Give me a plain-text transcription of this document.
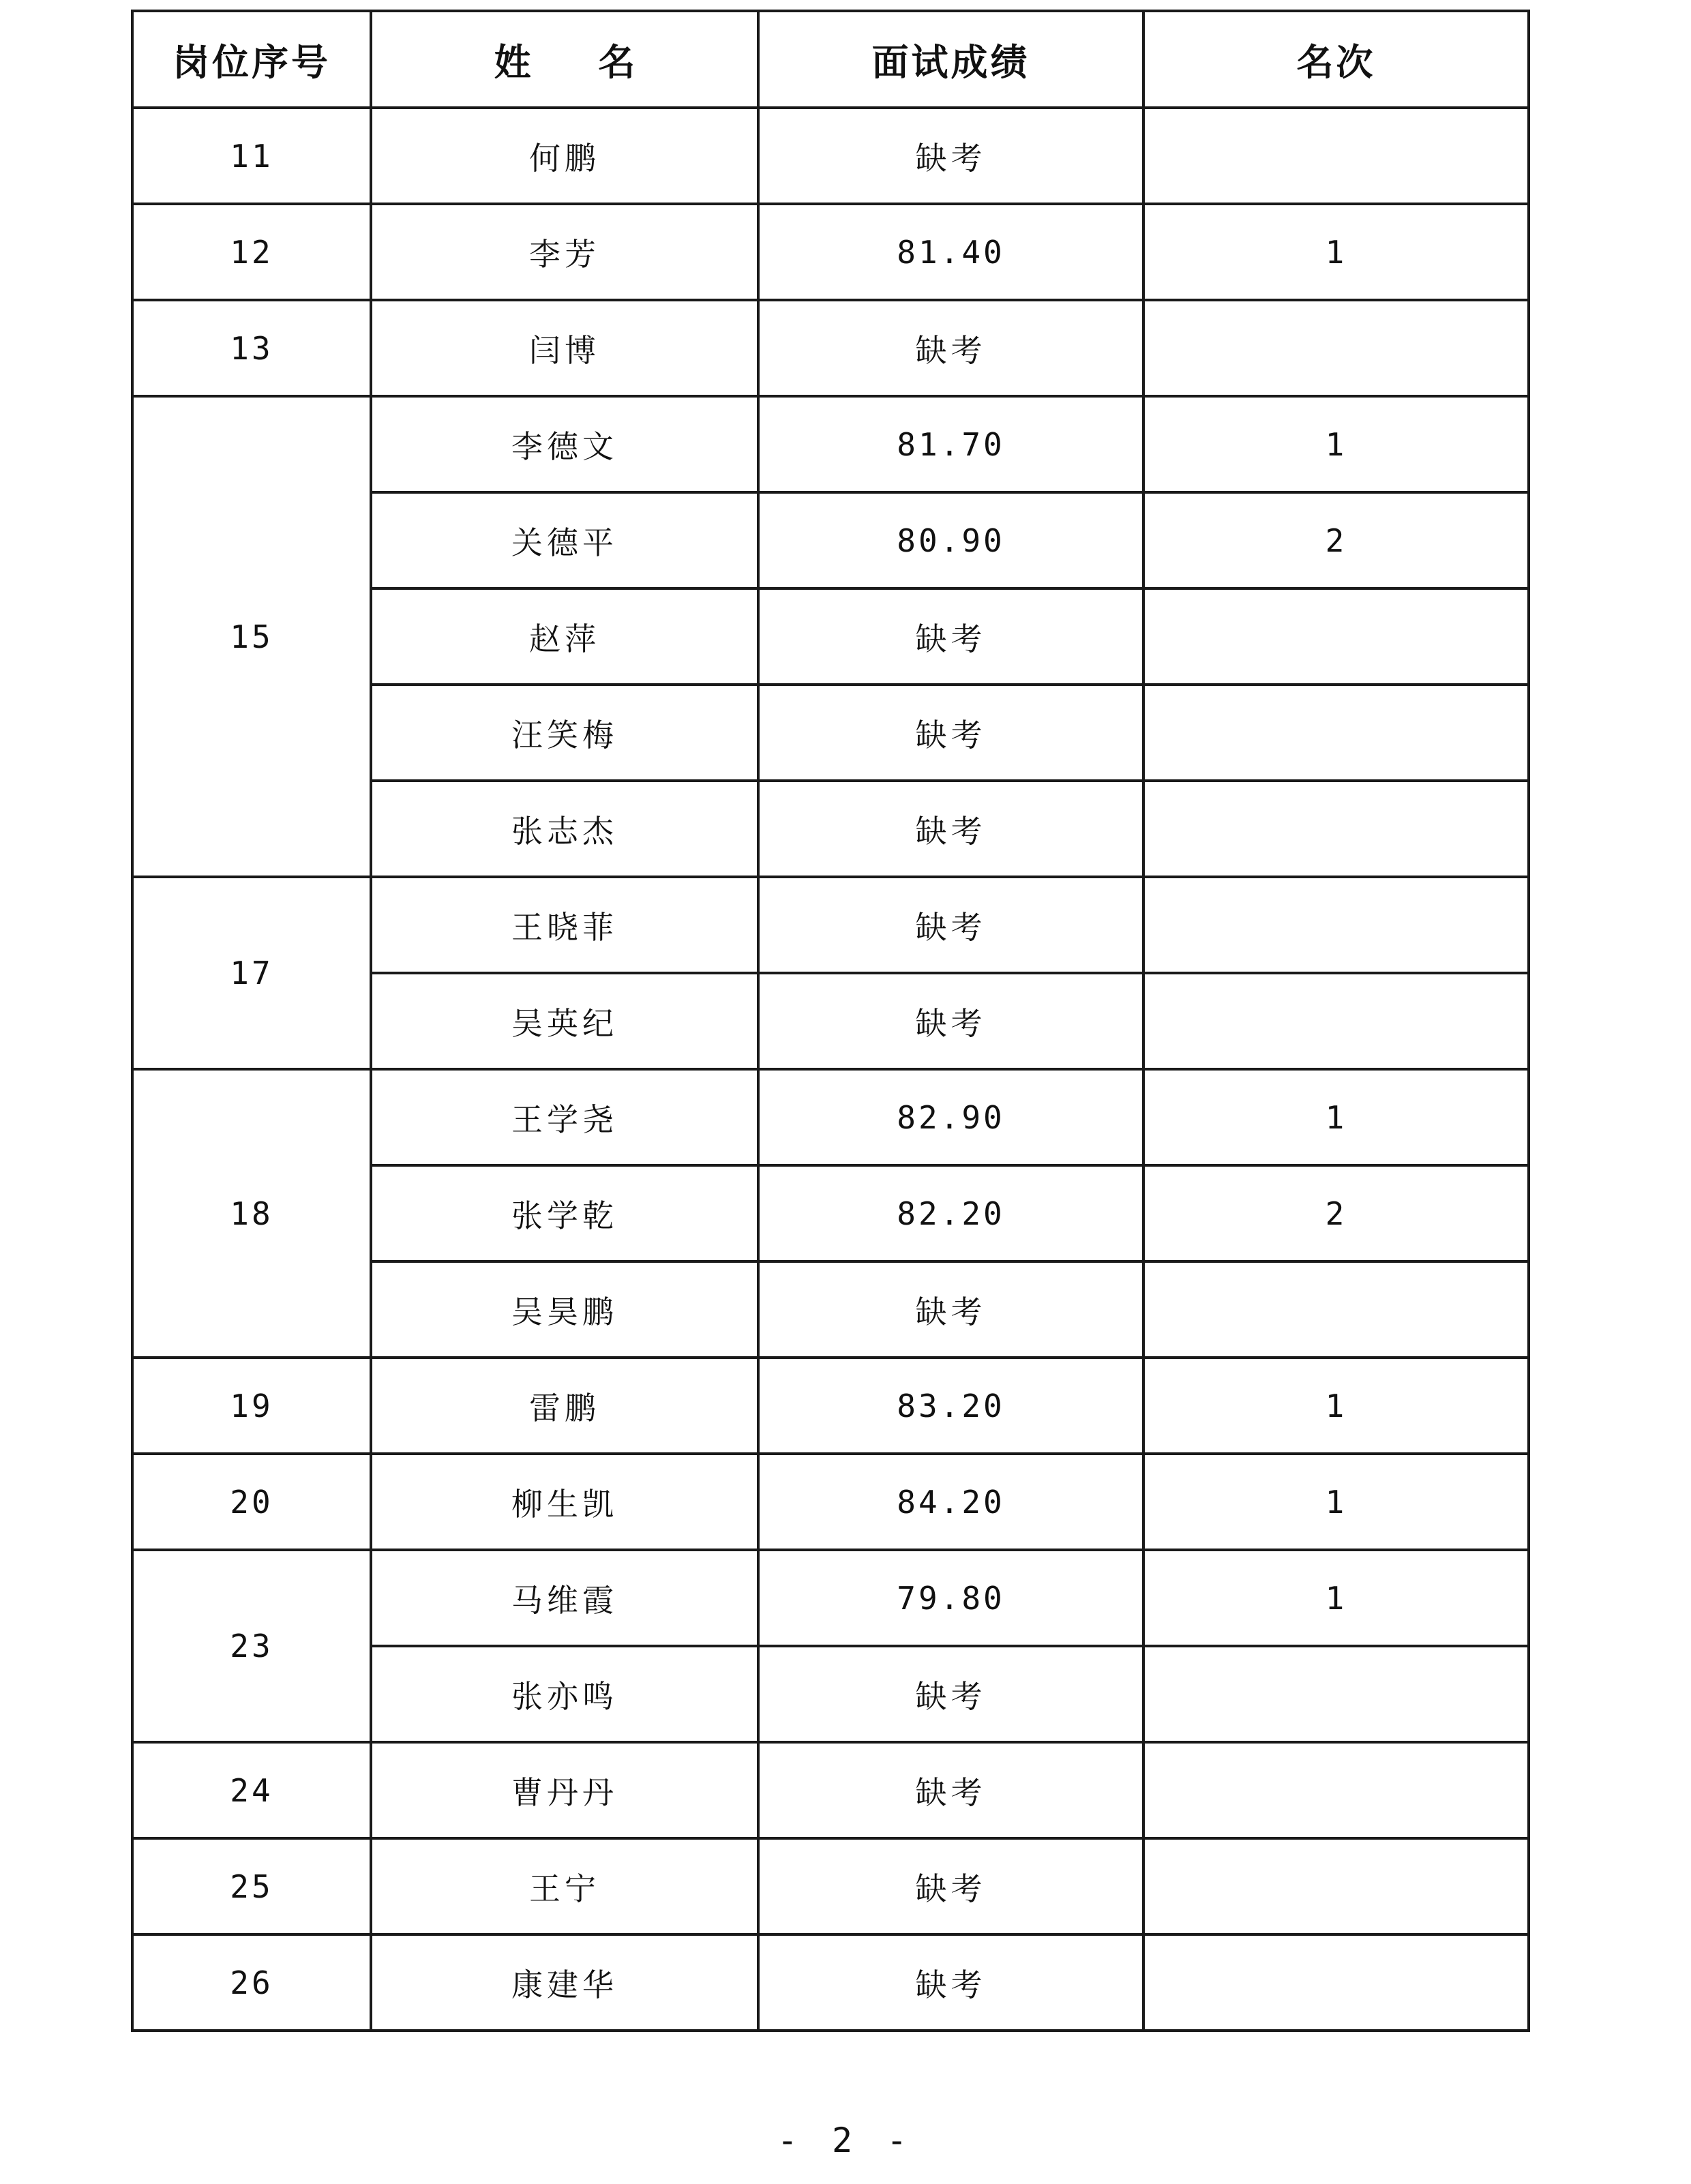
岗位序号	姓 名	面试成绩	名次
11	何鹏	缺考	
12	李芳	81.40	1
13	闫博	缺考	
15	李德文	81.70	1
	关德平	80.90	2
	赵萍	缺考	
	汪笑梅	缺考	
	张志杰	缺考	
17	王晓菲	缺考	
	吴英纪	缺考	
18	王学尧	82.90	1
	张学乾	82.20	2
	吴昊鹏	缺考	
19	雷鹏	83.20	1
20	柳生凯	84.20	1
23	马维霞	79.80	1
	张亦鸣	缺考	
24	曹丹丹	缺考	
25	王宁	缺考	
26	康建华	缺考	
- 2 -
